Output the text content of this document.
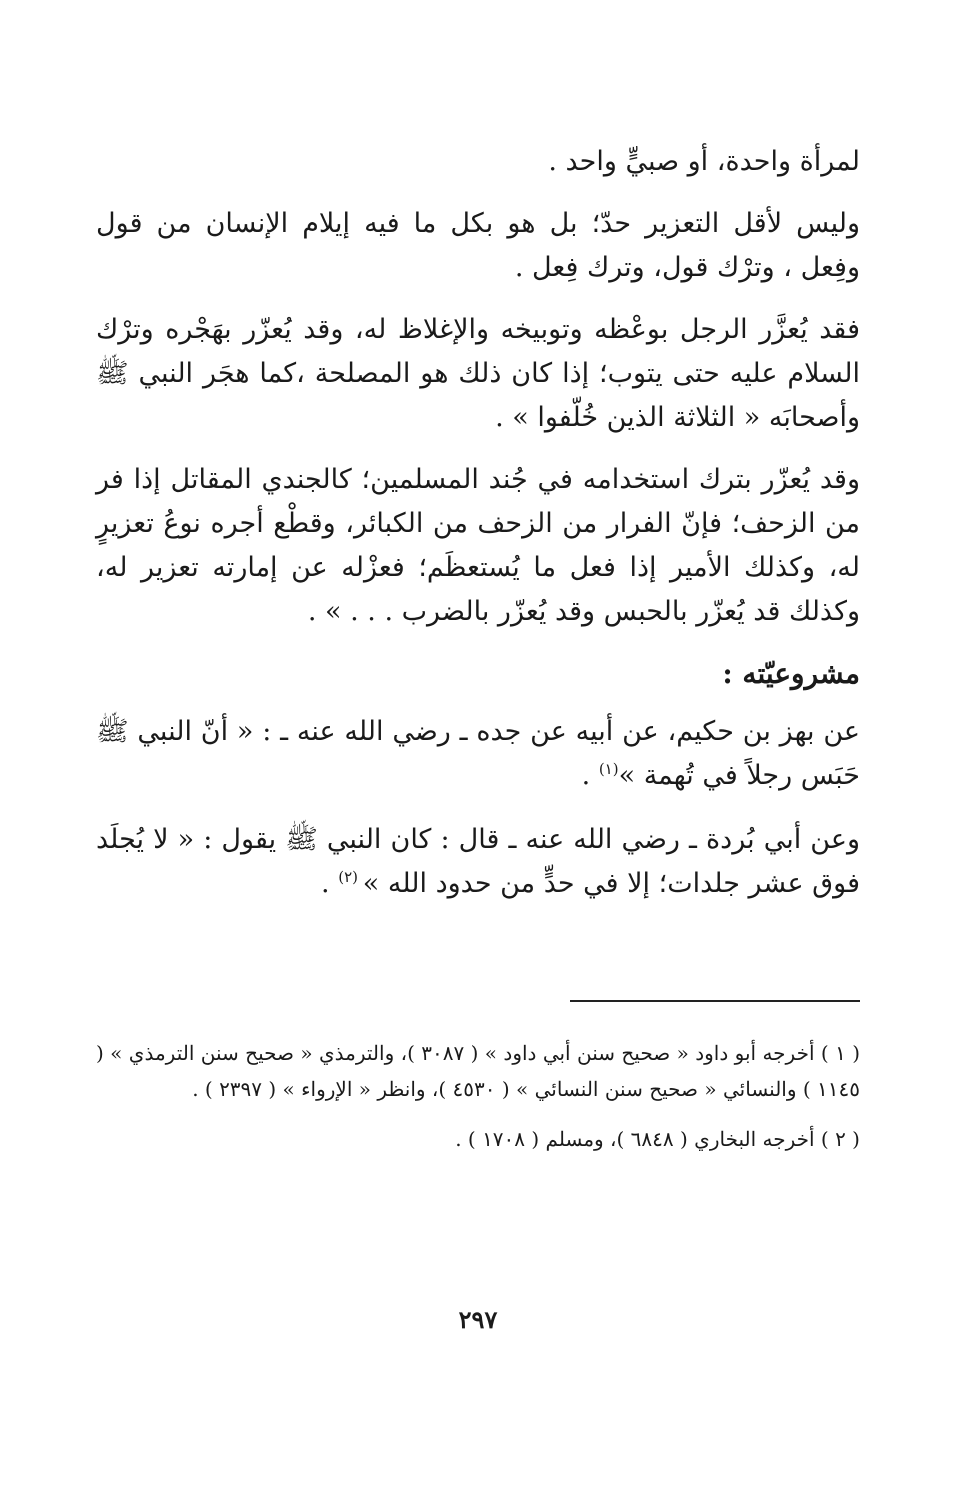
لمرأة واحدة، أو صبيٍّ واحد .

وليس لأقل التعزير حدّ؛ بل هو بكل ما فيه إيلام الإنسان من قول وفِعل ، وترْك قول، وترك فِعل .

فقد يُعزَّر الرجل بوعْظه وتوبيخه والإغلاظ له، وقد يُعزّر بهَجْره وترْك السلام عليه حتى يتوب؛ إذا كان ذلك هو المصلحة ،كما هجَر النبي ﷺ وأصحابَه « الثلاثة الذين خُلّفوا » .

وقد يُعزّر بترك استخدامه في جُند المسلمين؛ كالجندي المقاتل إذا فر من الزحف؛ فإنّ الفرار من الزحف من الكبائر، وقطْع أجره نوعُ تعزيرٍ له، وكذلك الأمير إذا فعل ما يُستعظَم؛ فعزْله عن إمارته تعزير له، وكذلك قد يُعزّر بالحبس وقد يُعزّر بالضرب . . . » .

مشروعيّته :

عن بهز بن حكيم، عن أبيه عن جده ـ رضي الله عنه ـ : « أنّ النبي ﷺ حَبَس رجلاً في تُهمة »$^{(١)}$ .

وعن أبي بُردة ـ رضي الله عنه ـ قال : كان النبي ﷺ يقول : « لا يُجلَد فوق عشر جلدات؛ إلا في حدٍّ من حدود الله » $^{(٢)}$ .

( ١ ) أخرجه أبو داود « صحيح سنن أبي داود » ( ٣٠٨٧ )، والترمذي « صحيح سنن الترمذي » ( ١١٤٥ ) والنسائي « صحيح سنن النسائي » ( ٤٥٣٠ )، وانظر « الإرواء » ( ٢٣٩٧ ) .

( ٢ ) أخرجه البخاري ( ٦٨٤٨ )، ومسلم ( ١٧٠٨ ) .

٢٩٧
